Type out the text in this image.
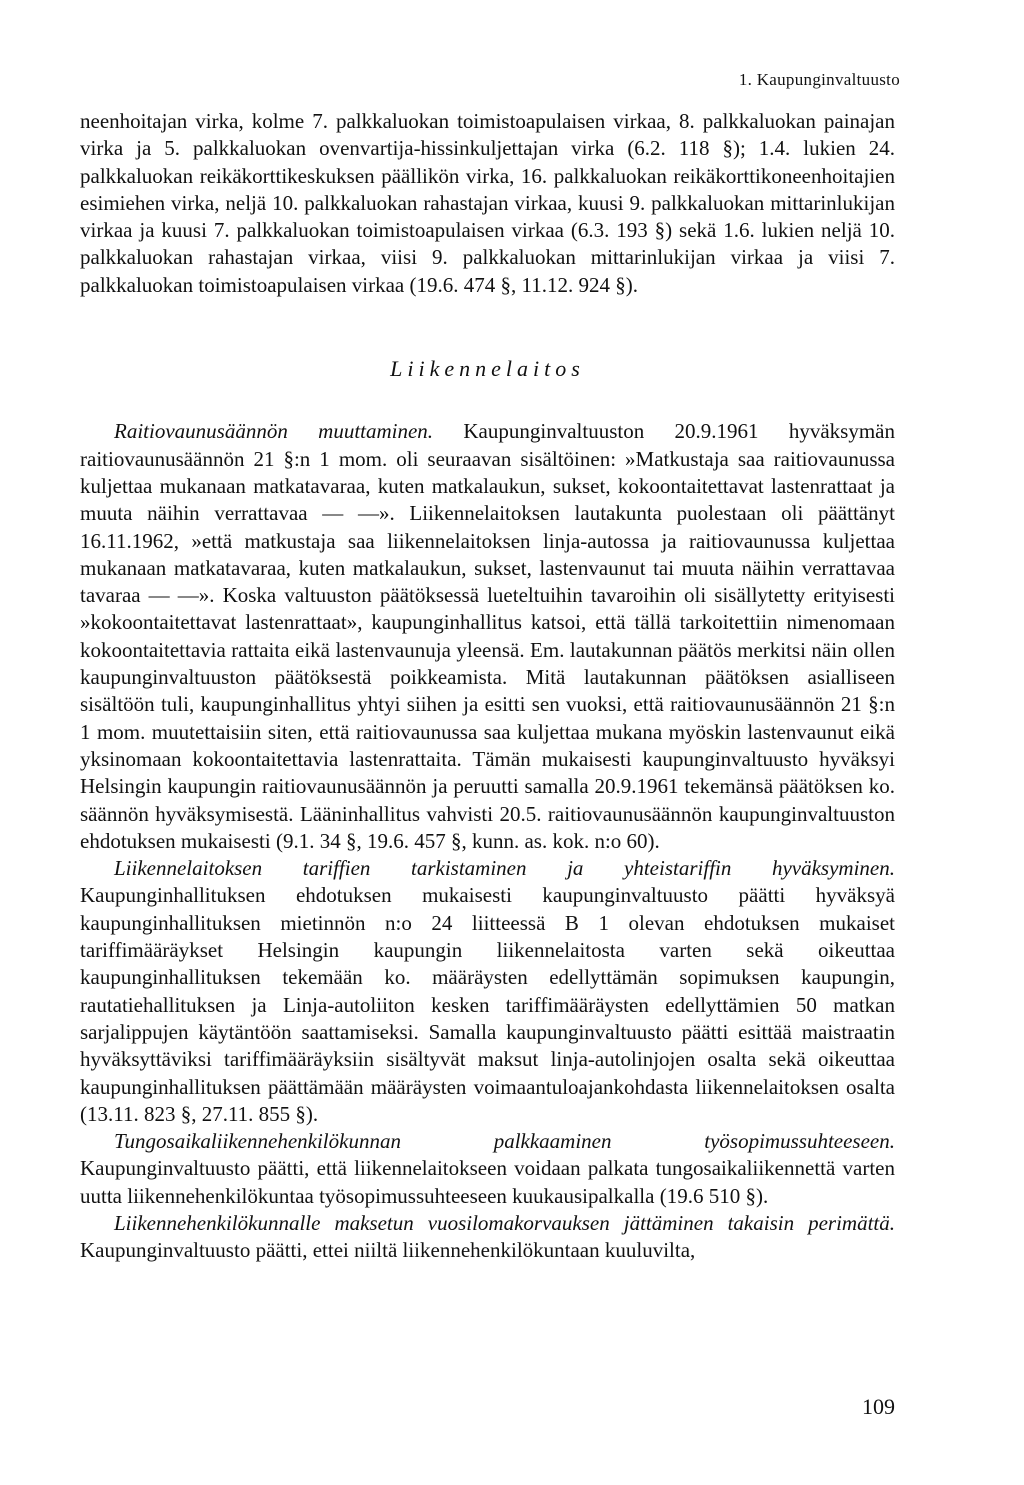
1. Kaupunginvaltuusto

neenhoitajan virka, kolme 7. palkkaluokan toimistoapulaisen virkaa, 8. palkkaluokan painajan virka ja 5. palkkaluokan ovenvartija-hissinkuljettajan virka (6.2. 118 §); 1.4. lukien 24. palkkaluokan reikäkorttikeskuksen päällikön virka, 16. palkkaluokan reikäkorttikoneenhoitajien esimiehen virka, neljä 10. palkkaluokan rahastajan virkaa, kuusi 9. palkkaluokan mittarinlukijan virkaa ja kuusi 7. palkkaluokan toimistoapulaisen virkaa (6.3. 193 §) sekä 1.6. lukien neljä 10. palkkaluokan rahastajan virkaa, viisi 9. palkkaluokan mittarinlukijan virkaa ja viisi 7. palkkaluokan toimistoapulaisen virkaa (19.6. 474 §, 11.12. 924 §).

Liikennelaitos

Raitiovaunusäännön muuttaminen. Kaupunginvaltuuston 20.9.1961 hyväksymän raitiovaunusäännön 21 §:n 1 mom. oli seuraavan sisältöinen: »Matkustaja saa raitiovaunussa kuljettaa mukanaan matkatavaraa, kuten matkalaukun, sukset, kokoontaitettavat lastenrattaat ja muuta näihin verrattavaa — —». Liikennelaitoksen lautakunta puolestaan oli päättänyt 16.11.1962, »että matkustaja saa liikennelaitoksen linja-autossa ja raitiovaunussa kuljettaa mukanaan matkatavaraa, kuten matkalaukun, sukset, lastenvaunut tai muuta näihin verrattavaa tavaraa — —». Koska valtuuston päätöksessä lueteltuihin tavaroihin oli sisällytetty erityisesti »kokoontaitettavat lastenrattaat», kaupunginhallitus katsoi, että tällä tarkoitettiin nimenomaan kokoontaitettavia rattaita eikä lastenvaunuja yleensä. Em. lautakunnan päätös merkitsi näin ollen kaupunginvaltuuston päätöksestä poikkeamista. Mitä lautakunnan päätöksen asialliseen sisältöön tuli, kaupunginhallitus yhtyi siihen ja esitti sen vuoksi, että raitiovaunusäännön 21 §:n 1 mom. muutettaisiin siten, että raitiovaunussa saa kuljettaa mukana myöskin lastenvaunut eikä yksinomaan kokoontaitettavia lastenrattaita. Tämän mukaisesti kaupunginvaltuusto hyväksyi Helsingin kaupungin raitiovaunusäännön ja peruutti samalla 20.9.1961 tekemänsä päätöksen ko. säännön hyväksymisestä. Lääninhallitus vahvisti 20.5. raitiovaunusäännön kaupunginvaltuuston ehdotuksen mukaisesti (9.1. 34 §, 19.6. 457 §, kunn. as. kok. n:o 60).

Liikennelaitoksen tariffien tarkistaminen ja yhteistariffin hyväksyminen. Kaupunginhallituksen ehdotuksen mukaisesti kaupunginvaltuusto päätti hyväksyä kaupunginhallituksen mietinnön n:o 24 liitteessä B 1 olevan ehdotuksen mukaiset tariffimääräykset Helsingin kaupungin liikennelaitosta varten sekä oikeuttaa kaupunginhallituksen tekemään ko. määräysten edellyttämän sopimuksen kaupungin, rautatiehallituksen ja Linja-autoliiton kesken tariffimääräysten edellyttämien 50 matkan sarjalippujen käytäntöön saattamiseksi. Samalla kaupunginvaltuusto päätti esittää maistraatin hyväksyttäviksi tariffimääräyksiin sisältyvät maksut linja-autolinjojen osalta sekä oikeuttaa kaupunginhallituksen päättämään määräysten voimaantuloajankohdasta liikennelaitoksen osalta (13.11. 823 §, 27.11. 855 §).

Tungosaikaliikennehenkilökunnan palkkaaminen työsopimussuhteeseen. Kaupunginvaltuusto päätti, että liikennelaitokseen voidaan palkata tungosaikaliikennettä varten uutta liikennehenkilökuntaa työsopimussuhteeseen kuukausipalkalla (19.6 510 §).

Liikennehenkilökunnalle maksetun vuosilomakorvauksen jättäminen takaisin perimättä. Kaupunginvaltuusto päätti, ettei niiltä liikennehenkilökuntaan kuuluvilta,

109
